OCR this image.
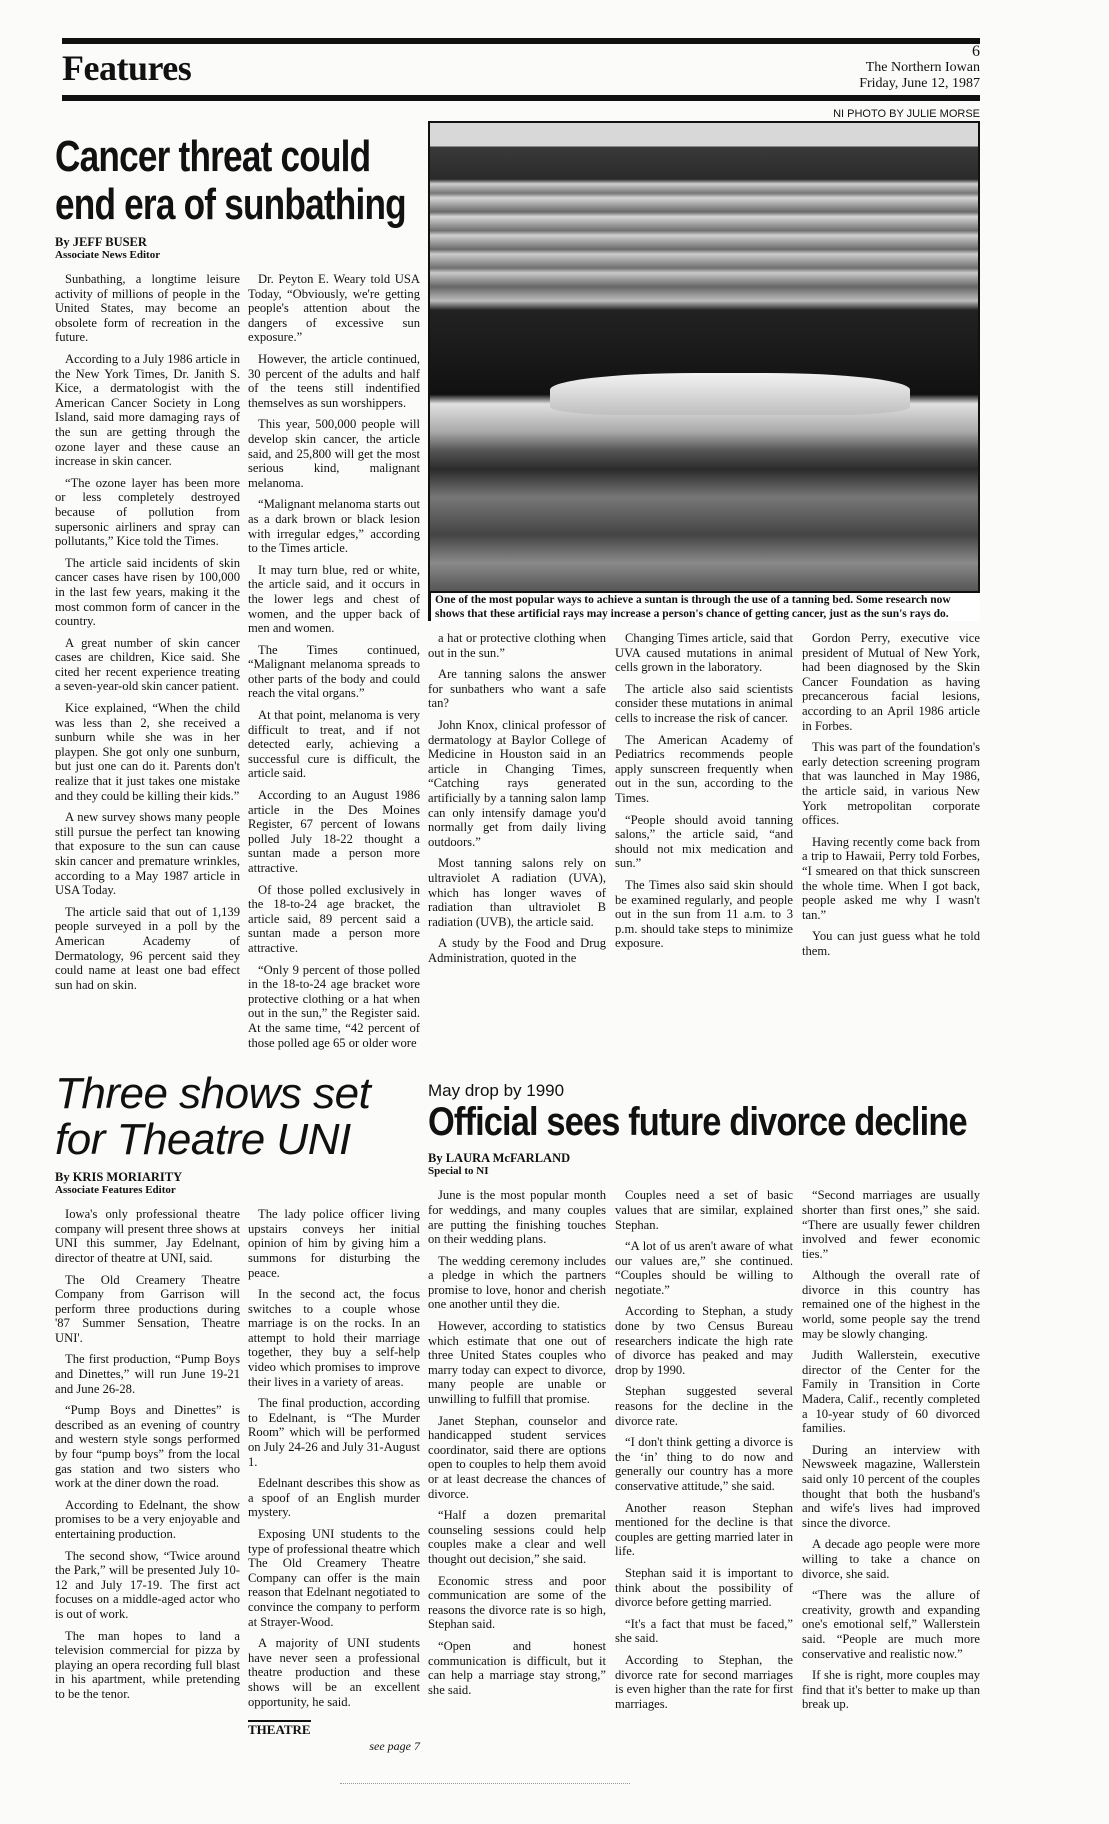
Features	6
The Northern Iowan
Friday, June 12, 1987
Cancer threat could
end era of sunbathing
By JEFF BUSER
Associate News Editor

Sunbathing, a longtime leisure activity of millions of people in the United States, may become an obsolete form of recreation in the future.

According to a July 1986 article in the New York Times, Dr. Janith S. Kice, a dermatologist with the American Cancer Society in Long Island, said more damaging rays of the sun are getting through the ozone layer and these cause an increase in skin cancer.

“The ozone layer has been more or less completely destroyed because of pollution from supersonic airliners and spray can pollutants,” Kice told the Times.

The article said incidents of skin cancer cases have risen by 100,000 in the last few years, making it the most common form of cancer in the country.

A great number of skin cancer cases are children, Kice said. She cited her recent experience treating a seven-year-old skin cancer patient.

Kice explained, “When the child was less than 2, she received a sunburn while she was in her playpen. She got only one sunburn, but just one can do it. Parents don't realize that it just takes one mistake and they could be killing their kids.”

A new survey shows many people still pursue the perfect tan knowing that exposure to the sun can cause skin cancer and premature wrinkles, according to a May 1987 article in USA Today.

The article said that out of 1,139 people surveyed in a poll by the American Academy of Dermatology, 96 percent said they could name at least one bad effect sun had on skin.

Dr. Peyton E. Weary told USA Today, “Obviously, we're getting people's attention about the dangers of excessive sun exposure.”

However, the article continued, 30 percent of the adults and half of the teens still indentified themselves as sun worshippers.

This year, 500,000 people will develop skin cancer, the article said, and 25,800 will get the most serious kind, malignant melanoma.

“Malignant melanoma starts out as a dark brown or black lesion with irregular edges,” according to the Times article.

It may turn blue, red or white, the article said, and it occurs in the lower legs and chest of women, and the upper back of men and women.

The Times continued, “Malignant melanoma spreads to other parts of the body and could reach the vital organs.”

At that point, melanoma is very difficult to treat, and if not detected early, achieving a successful cure is difficult, the article said.

According to an August 1986 article in the Des Moines Register, 67 percent of Iowans polled July 18-22 thought a suntan made a person more attractive.

Of those polled exclusively in the 18-to-24 age bracket, the article said, 89 percent said a suntan made a person more attractive.

“Only 9 percent of those polled in the 18-to-24 age bracket wore protective clothing or a hat when out in the sun,” the Register said. At the same time, “42 percent of those polled age 65 or older wore

NI PHOTO BY JULIE MORSE
One of the most popular ways to achieve a suntan is through the use of a tanning bed. Some research now shows that these artificial rays may increase a person's chance of getting cancer, just as the sun's rays do.

a hat or protective clothing when out in the sun.”

Are tanning salons the answer for sunbathers who want a safe tan?

John Knox, clinical professor of dermatology at Baylor College of Medicine in Houston said in an article in Changing Times, “Catching rays generated artificially by a tanning salon lamp can only intensify damage you'd normally get from daily living outdoors.”

Most tanning salons rely on ultraviolet A radiation (UVA), which has longer waves of radiation than ultraviolet B radiation (UVB), the article said.

A study by the Food and Drug Administration, quoted in the

Changing Times article, said that UVA caused mutations in animal cells grown in the laboratory.

The article also said scientists consider these mutations in animal cells to increase the risk of cancer.

The American Academy of Pediatrics recommends people apply sunscreen frequently when out in the sun, according to the Times.

“People should avoid tanning salons,” the article said, “and should not mix medication and sun.”

The Times also said skin should be examined regularly, and people out in the sun from 11 a.m. to 3 p.m. should take steps to minimize exposure.

Gordon Perry, executive vice president of Mutual of New York, had been diagnosed by the Skin Cancer Foundation as having precancerous facial lesions, according to an April 1986 article in Forbes.

This was part of the foundation's early detection screening program that was launched in May 1986, the article said, in various New York metropolitan corporate offices.

Having recently come back from a trip to Hawaii, Perry told Forbes, “I smeared on that thick sunscreen the whole time. When I got back, people asked me why I wasn't tan.”

You can just guess what he told them.

Three shows set
for Theatre UNI
By KRIS MORIARITY
Associate Features Editor

Iowa's only professional theatre company will present three shows at UNI this summer, Jay Edelnant, director of theatre at UNI, said.

The Old Creamery Theatre Company from Garrison will perform three productions during '87 Summer Sensation, Theatre UNI'.

The first production, “Pump Boys and Dinettes,” will run June 19-21 and June 26-28.

“Pump Boys and Dinettes” is described as an evening of country and western style songs performed by four “pump boys” from the local gas station and two sisters who work at the diner down the road.

According to Edelnant, the show promises to be a very enjoyable and entertaining production.

The second show, “Twice around the Park,” will be presented July 10-12 and July 17-19. The first act focuses on a middle-aged actor who is out of work.

The man hopes to land a television commercial for pizza by playing an opera recording full blast in his apartment, while pretending to be the tenor.

The lady police officer living upstairs conveys her initial opinion of him by giving him a summons for disturbing the peace.

In the second act, the focus switches to a couple whose marriage is on the rocks. In an attempt to hold their marriage together, they buy a self-help video which promises to improve their lives in a variety of areas.

The final production, according to Edelnant, is “The Murder Room” which will be performed on July 24-26 and July 31-August 1.

Edelnant describes this show as a spoof of an English murder mystery.

Exposing UNI students to the type of professional theatre which The Old Creamery Theatre Company can offer is the main reason that Edelnant negotiated to convince the company to perform at Strayer-Wood.

A majority of UNI students have never seen a professional theatre production and these shows will be an excellent opportunity, he said.

THEATRE
see page 7
May drop by 1990
Official sees future divorce decline
By LAURA McFARLAND
Special to NI

June is the most popular month for weddings, and many couples are putting the finishing touches on their wedding plans.

The wedding ceremony includes a pledge in which the partners promise to love, honor and cherish one another until they die.

However, according to statistics which estimate that one out of three United States couples who marry today can expect to divorce, many people are unable or unwilling to fulfill that promise.

Janet Stephan, counselor and handicapped student services coordinator, said there are options open to couples to help them avoid or at least decrease the chances of divorce.

“Half a dozen premarital counseling sessions could help couples make a clear and well thought out decision,” she said.

Economic stress and poor communication are some of the reasons the divorce rate is so high, Stephan said.

“Open and honest communication is difficult, but it can help a marriage stay strong,” she said.

Couples need a set of basic values that are similar, explained Stephan.

“A lot of us aren't aware of what our values are,” she continued. “Couples should be willing to negotiate.”

According to Stephan, a study done by two Census Bureau researchers indicate the high rate of divorce has peaked and may drop by 1990.

Stephan suggested several reasons for the decline in the divorce rate.

“I don't think getting a divorce is the ‘in’ thing to do now and generally our country has a more conservative attitude,” she said.

Another reason Stephan mentioned for the decline is that couples are getting married later in life.

Stephan said it is important to think about the possibility of divorce before getting married.

“It's a fact that must be faced,” she said.

According to Stephan, the divorce rate for second marriages is even higher than the rate for first marriages.

“Second marriages are usually shorter than first ones,” she said. “There are usually fewer children involved and fewer economic ties.”

Although the overall rate of divorce in this country has remained one of the highest in the world, some people say the trend may be slowly changing.

Judith Wallerstein, executive director of the Center for the Family in Transition in Corte Madera, Calif., recently completed a 10-year study of 60 divorced families.

During an interview with Newsweek magazine, Wallerstein said only 10 percent of the couples thought that both the husband's and wife's lives had improved since the divorce.

A decade ago people were more willing to take a chance on divorce, she said.

“There was the allure of creativity, growth and expanding one's emotional self,” Wallerstein said. “People are much more conservative and realistic now.”

If she is right, more couples may find that it's better to make up than break up.
